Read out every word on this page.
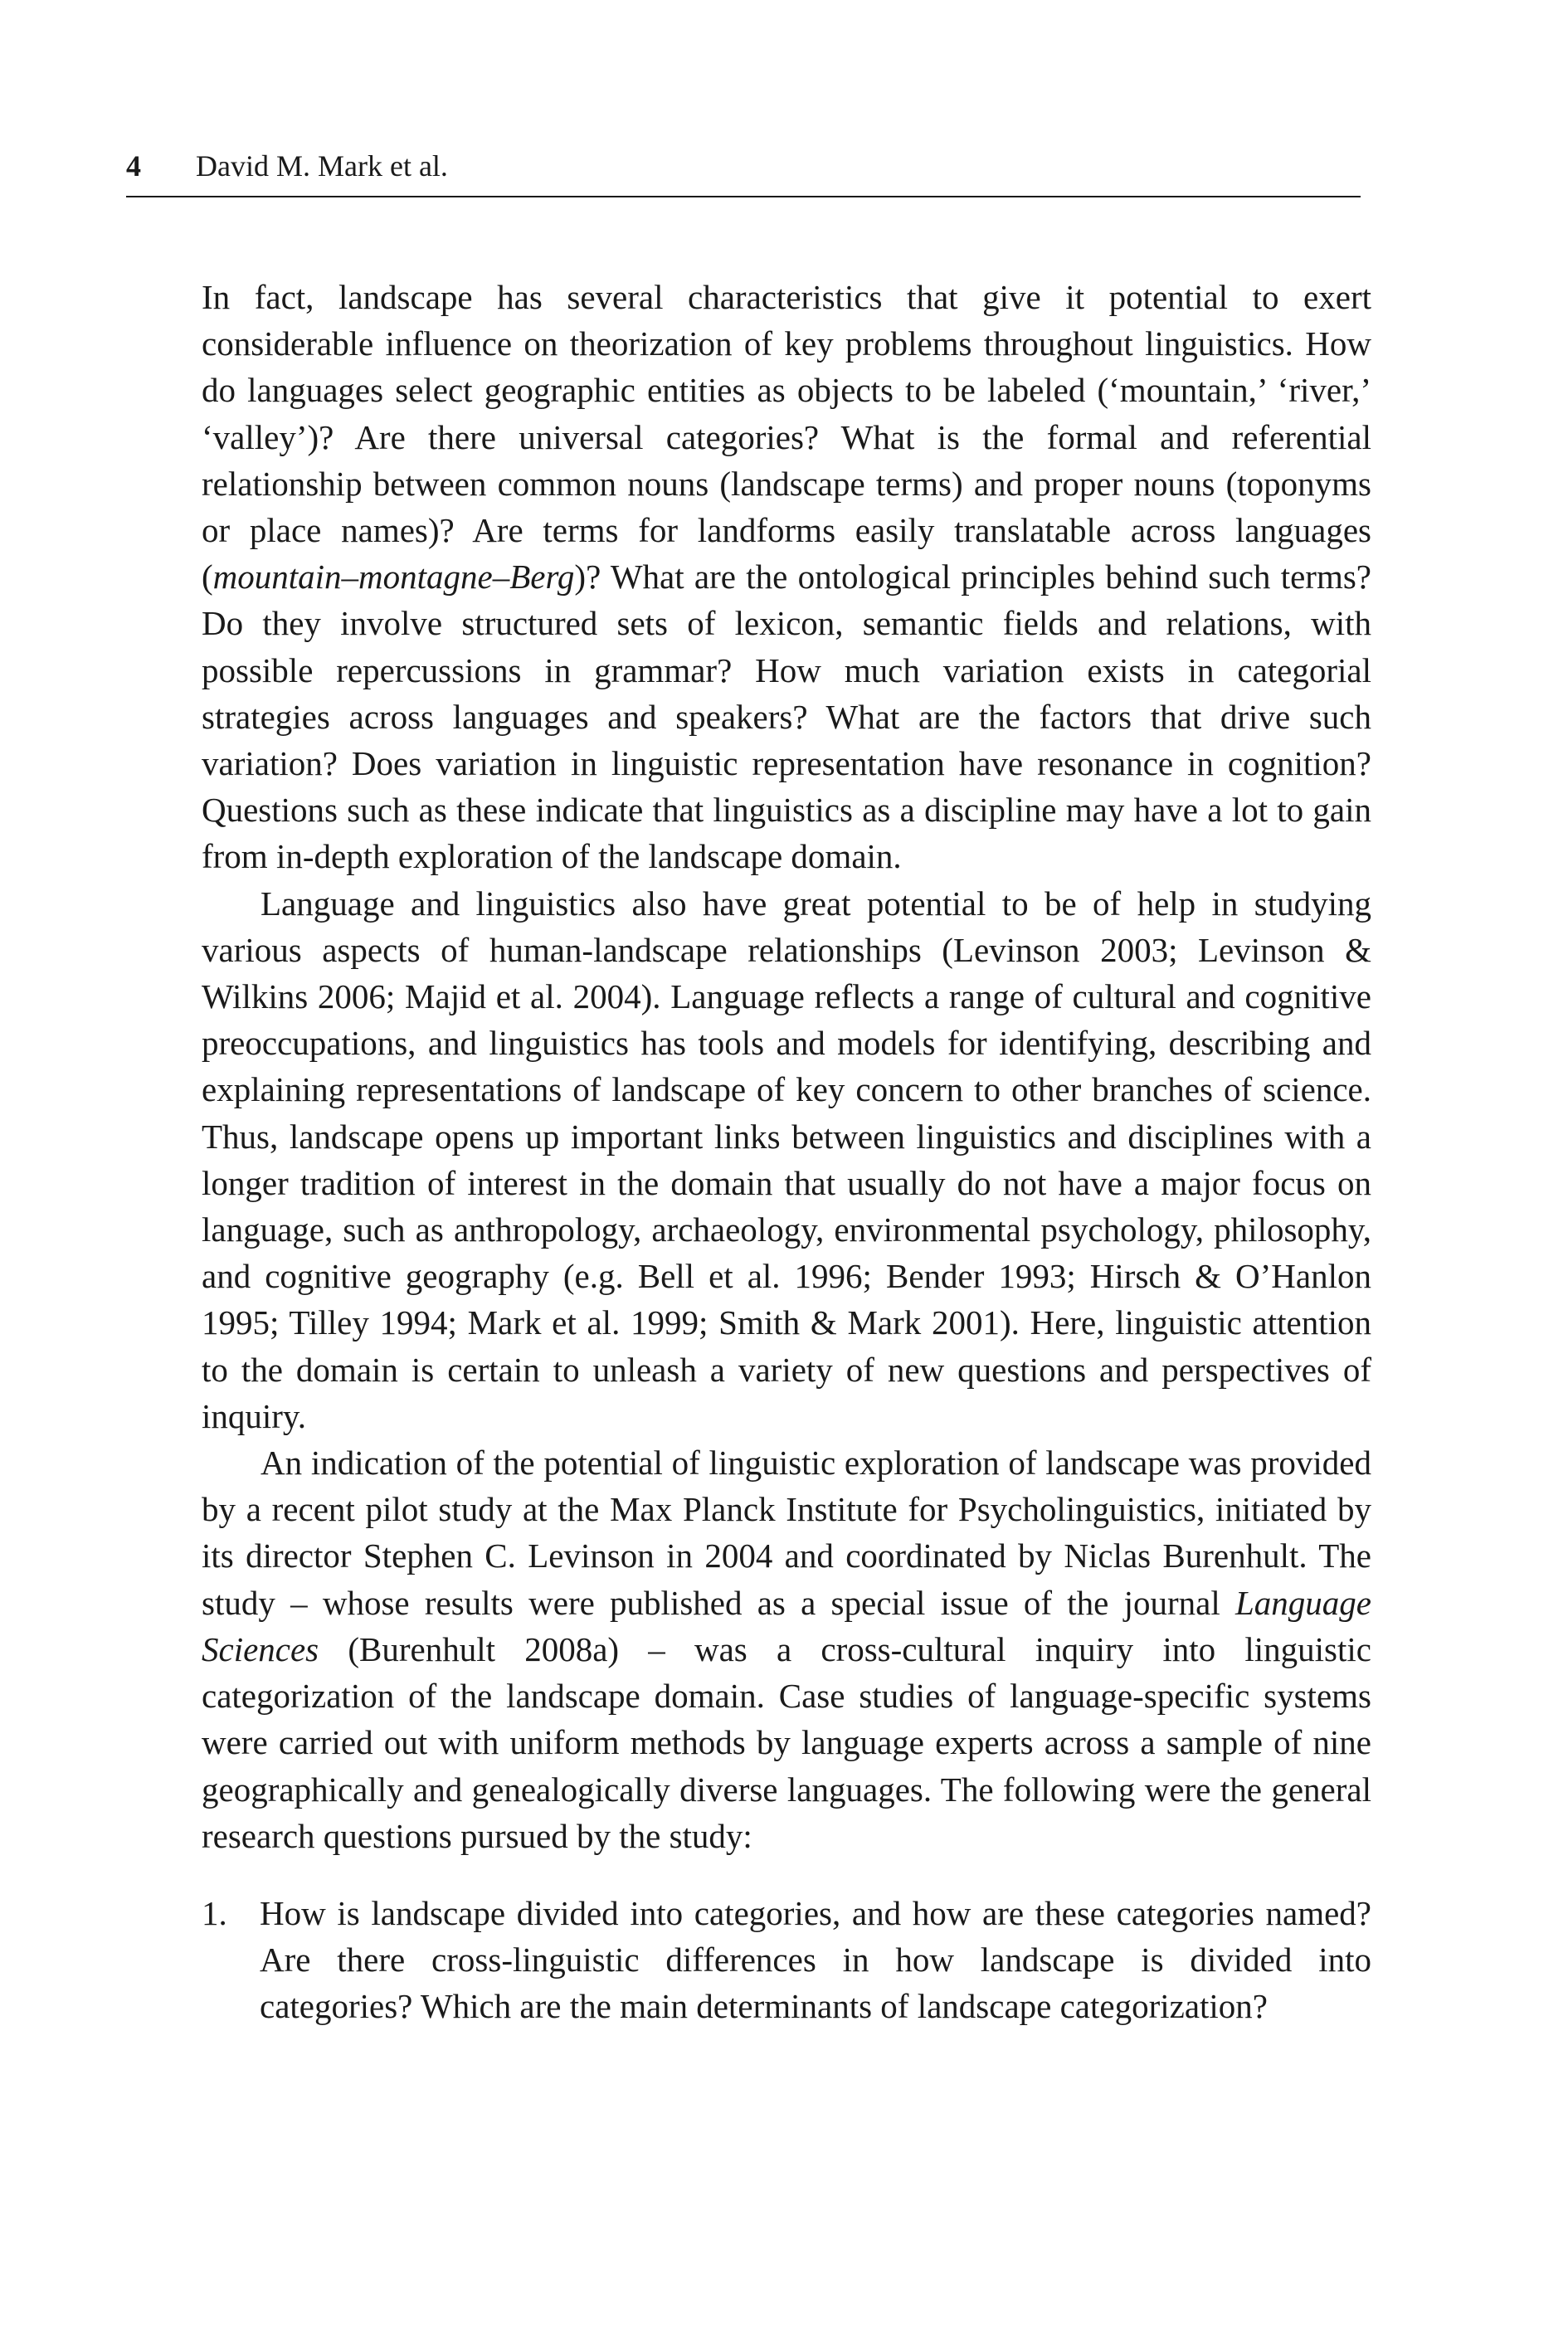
4 David M. Mark et al.

In fact, landscape has several characteristics that give it potential to exert considerable influence on theorization of key problems throughout linguistics. How do languages select geographic entities as objects to be labeled (‘mountain,’ ‘river,’ ‘valley’)? Are there universal categories? What is the formal and referential relationship between common nouns (landscape terms) and proper nouns (toponyms or place names)? Are terms for landforms easily translatable across languages (mountain–montagne–Berg)? What are the ontological principles behind such terms? Do they involve structured sets of lexicon, semantic fields and relations, with possible repercussions in grammar? How much variation exists in categorial strategies across languages and speakers? What are the factors that drive such variation? Does variation in linguistic representation have resonance in cognition? Questions such as these indicate that linguistics as a discipline may have a lot to gain from in-depth exploration of the landscape domain.

Language and linguistics also have great potential to be of help in studying various aspects of human-landscape relationships (Levinson 2003; Levinson & Wilkins 2006; Majid et al. 2004). Language reflects a range of cultural and cognitive preoccupations, and linguistics has tools and models for identifying, describing and explaining representations of landscape of key concern to other branches of science. Thus, landscape opens up important links between linguistics and disciplines with a longer tradition of interest in the domain that usually do not have a major focus on language, such as anthropology, archaeology, environmental psychology, philosophy, and cognitive geography (e.g. Bell et al. 1996; Bender 1993; Hirsch & O’Hanlon 1995; Tilley 1994; Mark et al. 1999; Smith & Mark 2001). Here, linguistic attention to the domain is certain to unleash a variety of new questions and perspectives of inquiry.

An indication of the potential of linguistic exploration of landscape was provided by a recent pilot study at the Max Planck Institute for Psycholinguistics, initiated by its director Stephen C. Levinson in 2004 and coordinated by Niclas Burenhult. The study – whose results were published as a special issue of the journal Language Sciences (Burenhult 2008a) – was a cross-cultural inquiry into linguistic categorization of the landscape domain. Case studies of language-specific systems were carried out with uniform methods by language experts across a sample of nine geographically and genealogically diverse languages. The following were the general research questions pursued by the study:

1. How is landscape divided into categories, and how are these categories named? Are there cross-linguistic differences in how landscape is divided into categories? Which are the main determinants of landscape categorization?
